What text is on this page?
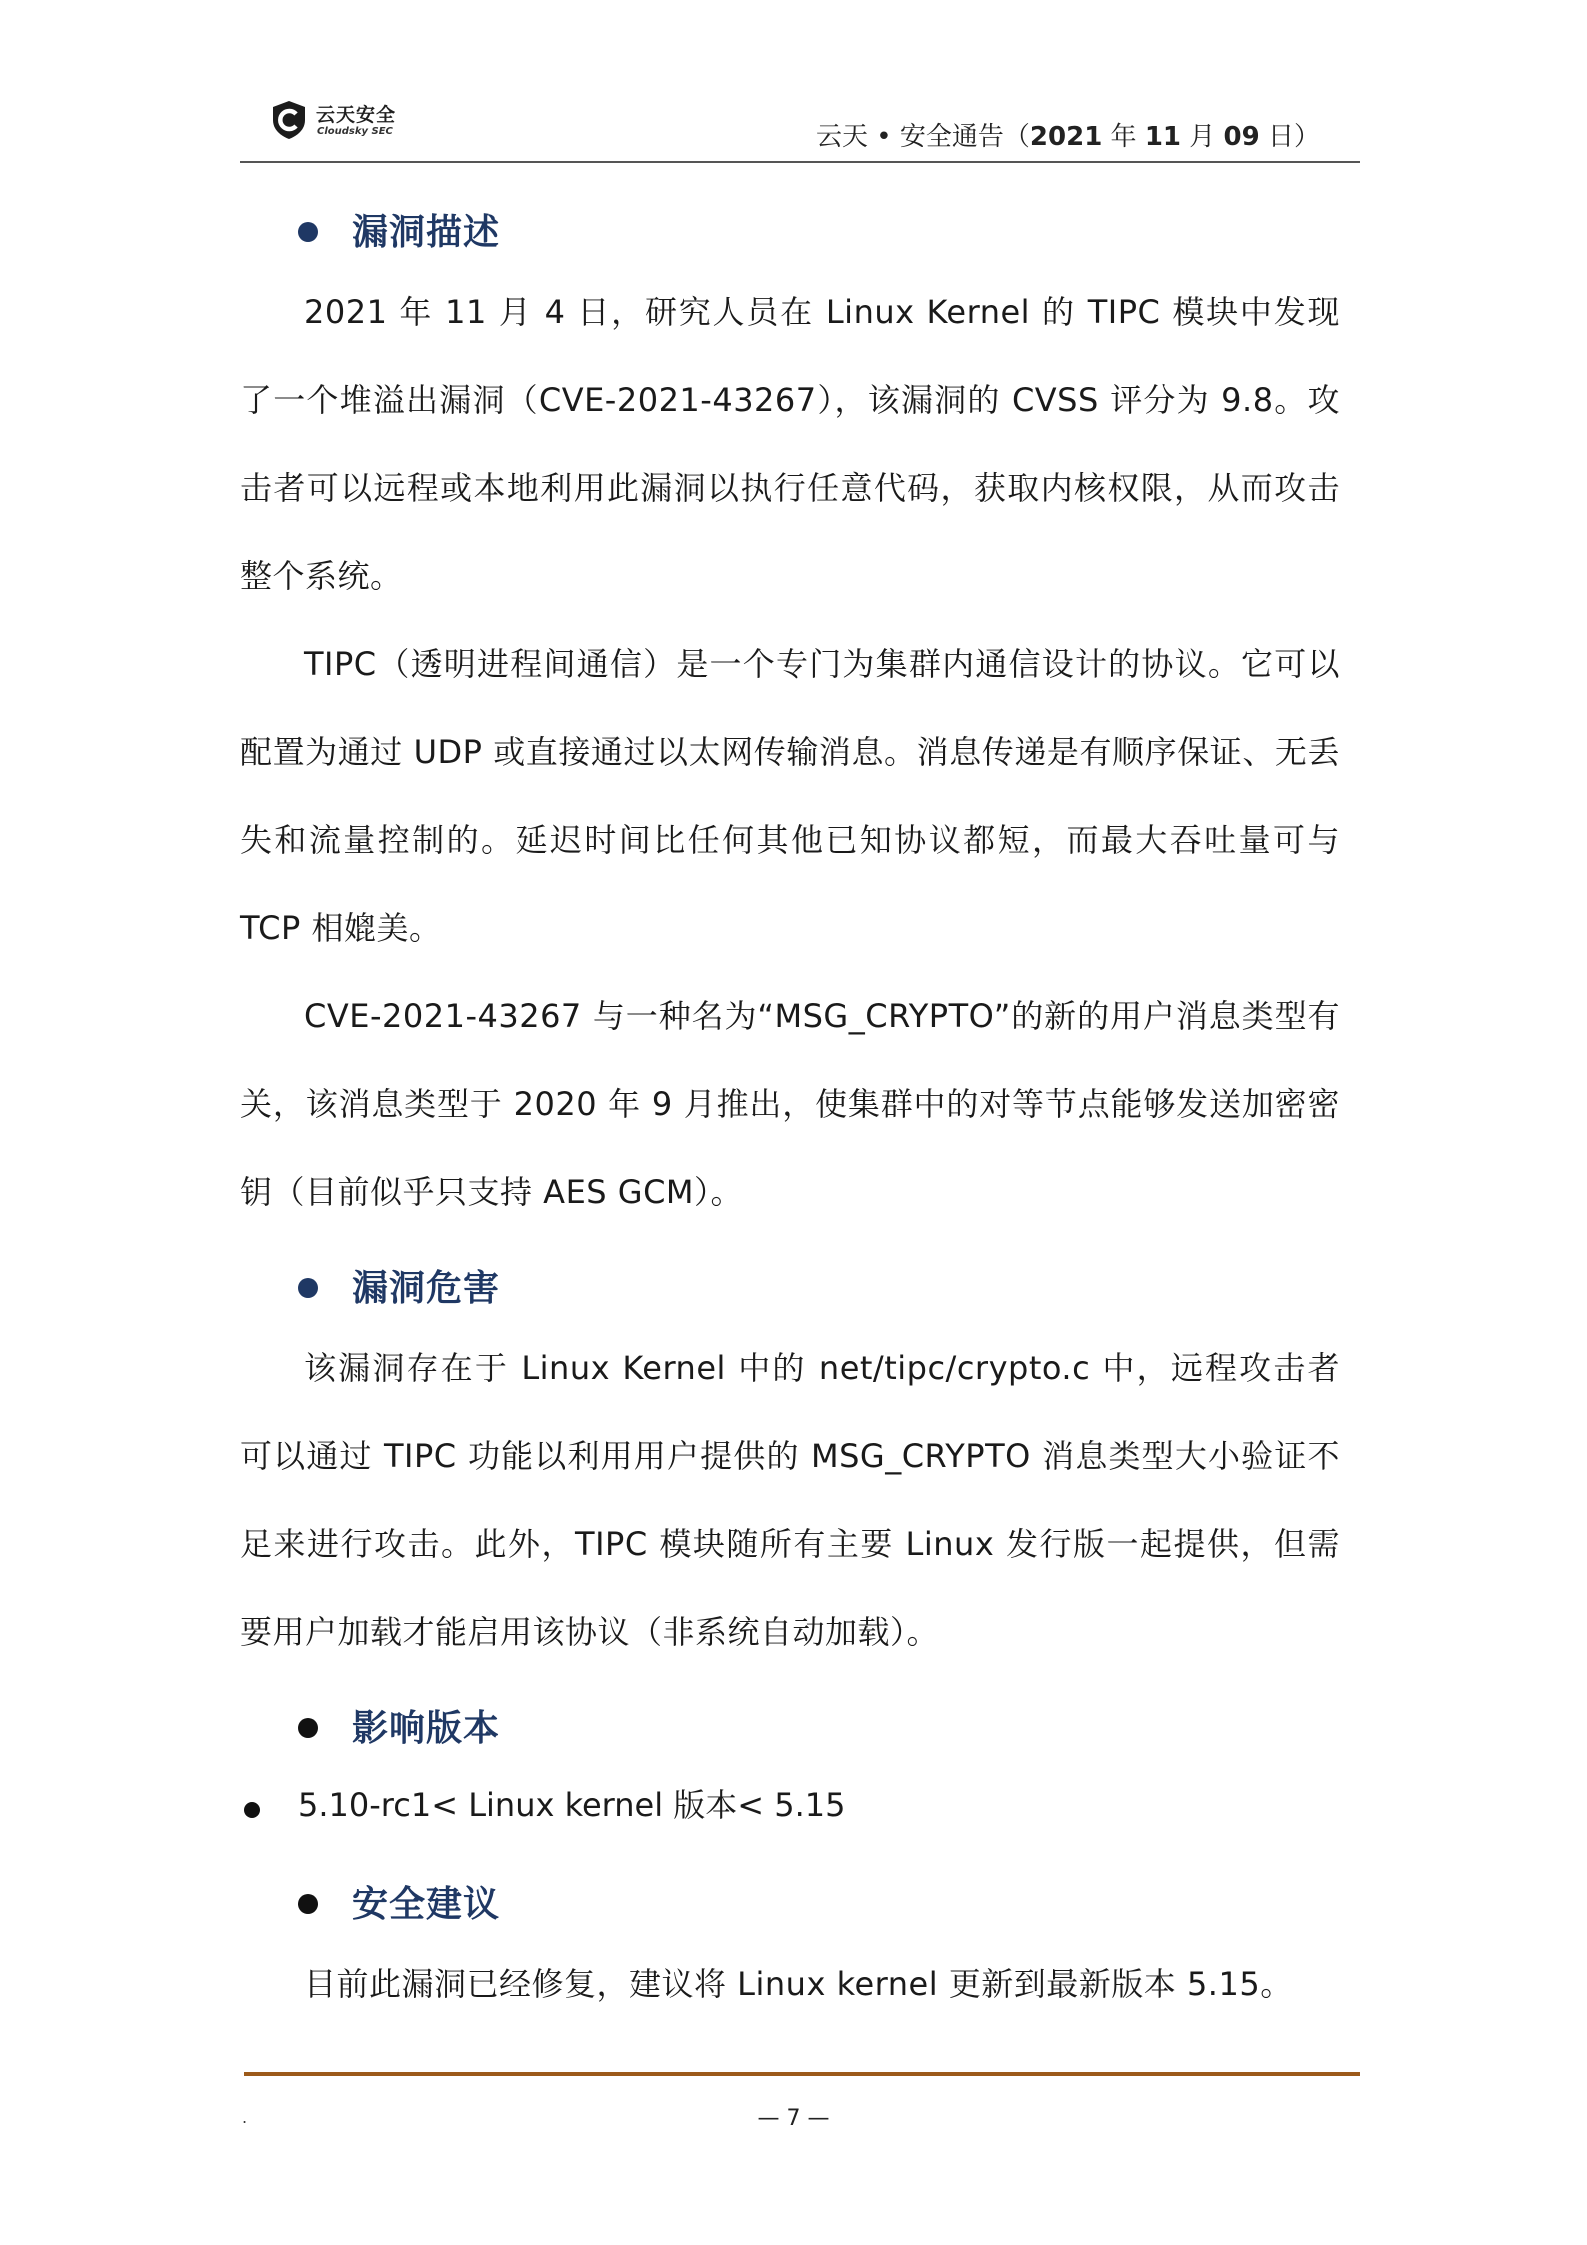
云天安全
Cloudsky SEC	云天 • 安全通告（2021 年 11 月 09 日）
漏洞描述

2021 年 11 月 4 日，研究人员在 Linux Kernel 的 TIPC 模块中发现了一个堆溢出漏洞（CVE-2021-43267），该漏洞的 CVSS 评分为 9.8。攻击者可以远程或本地利用此漏洞以执行任意代码，获取内核权限，从而攻击整个系统。

TIPC（透明进程间通信）是一个专门为集群内通信设计的协议。它可以配置为通过 UDP 或直接通过以太网传输消息。消息传递是有顺序保证、无丢失和流量控制的。延迟时间比任何其他已知协议都短，而最大吞吐量可与 TCP 相媲美。

CVE-2021-43267 与一种名为“MSG_CRYPTO”的新的用户消息类型有关，该消息类型于 2020 年 9 月推出，使集群中的对等节点能够发送加密密钥（目前似乎只支持 AES GCM）。

漏洞危害

该漏洞存在于 Linux Kernel 中的 net/tipc/crypto.c 中，远程攻击者可以通过 TIPC 功能以利用用户提供的 MSG_CRYPTO 消息类型大小验证不足来进行攻击。此外，TIPC 模块随所有主要 Linux 发行版一起提供，但需要用户加载才能启用该协议（非系统自动加载）。

影响版本
5.10-rc1< Linux kernel 版本< 5.15
安全建议

目前此漏洞已经修复，建议将 Linux kernel 更新到最新版本 5.15。

.	— 7 —
